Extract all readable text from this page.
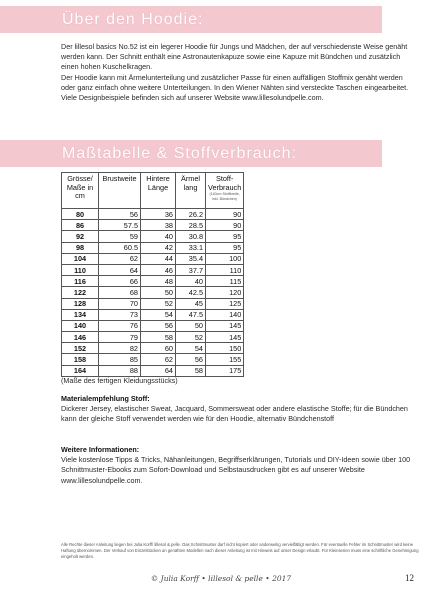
Über den Hoodie:

Der lillesol basics No.52 ist ein legerer Hoodie für Jungs und Mädchen, der auf verschiedenste Weise genäht werden kann. Der Schnitt enthält eine Astronautenkapuze sowie eine Kapuze mit Bündchen und zusätzlich einen hohen Kuschelkragen.

Der Hoodie kann mit Ärmelunterteilung und zusätzlicher Passe für einen auffälligen Stoffmix genäht werden oder ganz einfach ohne weitere Unterteilungen. In den Wiener Nähten sind versteckte Taschen eingearbeitet.

Viele Designbeispiele befinden sich auf unserer Website www.lillesolundpelle.com.

Maßtabelle & Stoffverbrauch:
Grösse/ Maße in cm	Brustweite	Hintere Länge	Ärmel lang	Stoff-Verbrauch
(140cm Stoffbreite, inkl. Bündchen)

80	56	36	26.2	90
86	57.5	38	28.5	90
92	59	40	30.8	95
98	60.5	42	33.1	95
104	62	44	35.4	100
110	64	46	37.7	110
116	66	48	40	115
122	68	50	42.5	120
128	70	52	45	125
134	73	54	47.5	140
140	76	56	50	145
146	79	58	52	145
152	82	60	54	150
158	85	62	56	155
164	88	64	58	175
(Maße des fertigen Kleidungsstücks)
Materialempfehlung Stoff:
Dickerer Jersey, elastischer Sweat, Jacquard, Sommersweat oder andere elastische Stoffe; für die Bündchen kann der gleiche Stoff verwendet werden wie für den Hoodie, alternativ Bündchenstoff
Weitere Informationen:
Viele kostenlose Tipps & Tricks, Nähanleitungen, Begriffserklärungen, Tutorials und DIY-Ideen sowie über 100 Schnittmuster-Ebooks zum Sofort-Download und Selbstausdrucken gibt es auf unserer Website www.lillesolundpelle.com.
Alle Rechte dieser Anleitung liegen bei Julia Korff/ lillesol & pelle. Das Schnittmuster darf nicht kopiert oder anderweitig vervielfältigt werden. Für eventuelle Fehler im Schnittmuster wird keine Haftung übernommen. Der Verkauf von Einzelstücken an genähten Modellen nach dieser Anleitung ist mit Hinweis auf unser Design erlaubt. Für Kleinserien muss eine schriftliche Genehmigung eingeholt werden.
© Julia Korff • lillesol & pelle • 2017	12
